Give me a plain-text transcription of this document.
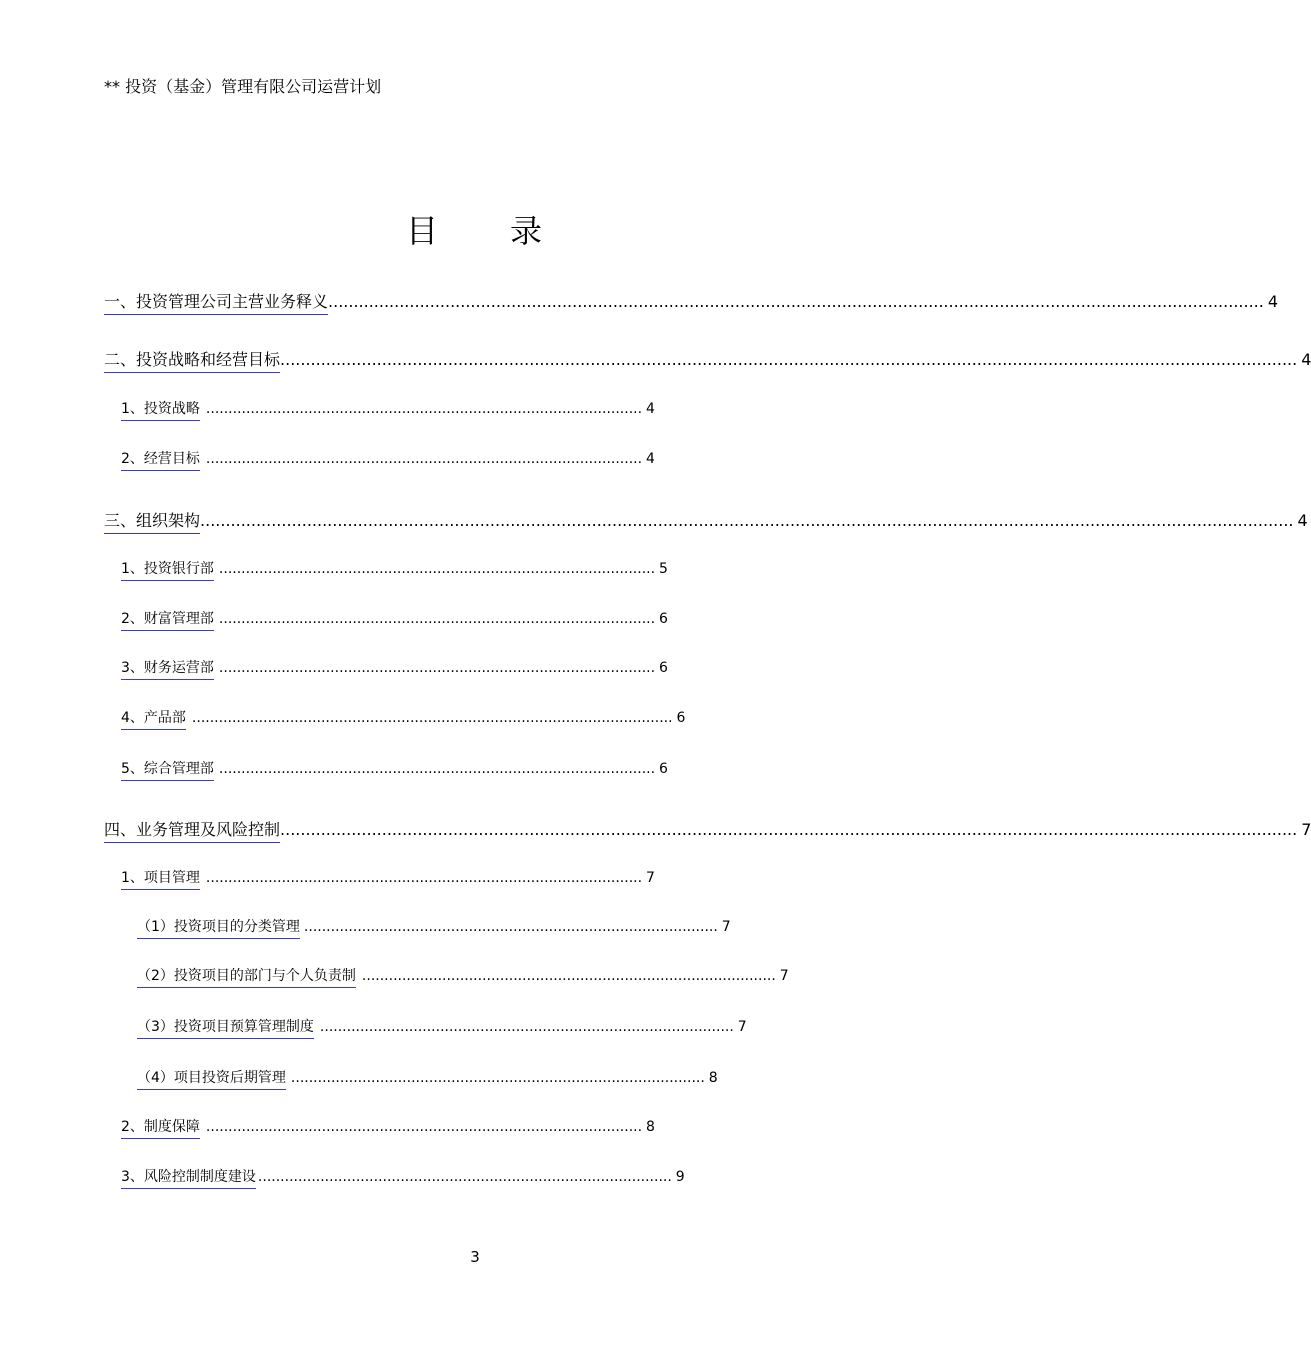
** 投资（基金）管理有限公司运营计划
目 录
一、投资管理公司主营业务释义 ........................................................................................................................................................................................ 4
二、投资战略和经营目标 ........................................................................................................................................................................................................ 4
1、投资战略 .................................................................................................. 4
2、经营目标 .................................................................................................. 4
三、组织架构 ....................................................................................................................................................................................................................... 4
1、投资银行部 .................................................................................................. 5
2、财富管理部 .................................................................................................. 6
3、财务运营部 .................................................................................................. 6
4、产品部 ............................................................................................................ 6
5、综合管理部 .................................................................................................. 6
四、业务管理及风险控制 ........................................................................................................................................................................................................ 7
1、项目管理 .................................................................................................. 7
（1）投资项目的分类管理 ............................................................................................. 7
（2）投资项目的部门与个人负责制 ............................................................................................. 7
（3）投资项目预算管理制度 ............................................................................................. 7
（4）项目投资后期管理 ............................................................................................. 8
2、制度保障 .................................................................................................. 8
3、风险控制制度建设 ............................................................................................. 9
3
